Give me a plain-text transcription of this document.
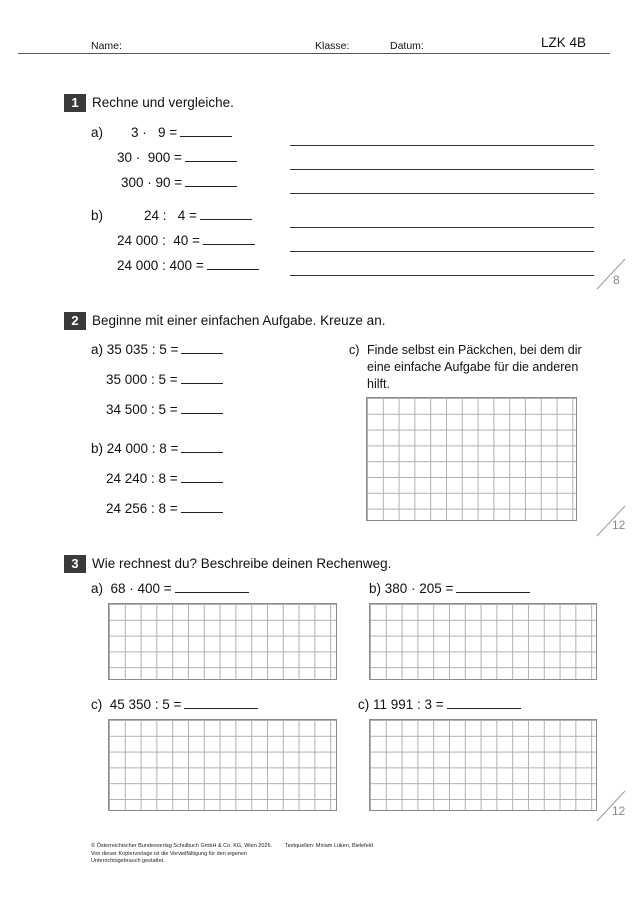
Name:	Klasse:	Datum:	LZK 4B
1 Rechne und vergleiche.
a) 3 ·   9 =
30 ·  900 =
300 · 90 =
b)	24 :   4 =
24 000 :  40 =
24 000 : 400 =
8
2 Beginne mit einer einfachen Aufgabe. Kreuze an.
a) 35 035 : 5 =
35 000 : 5 =
34 500 : 5 =
b) 24 000 : 8 =
24 240 : 8 =
24 256 : 8 =
c) Finde selbst ein Päckchen, bei dem dir
eine einfache Aufgabe für die anderen
hilft.
12
3 Wie rechnest du? Beschreibe deinen Rechenweg.
a)  68 · 400 =	b) 380 · 205 =
c)  45 350 : 5 =	c) 11 991 : 3 =
12
© Österreichischer Bundesverlag Schulbuch GmbH & Co. KG, Wien 2026.
Von dieser Kopiervorlage ist die Vervielfältigung für den eigenen
Unterrichtsgebrauch gestattet.
Textquellen: Miriam Lüken, Bielefeld
